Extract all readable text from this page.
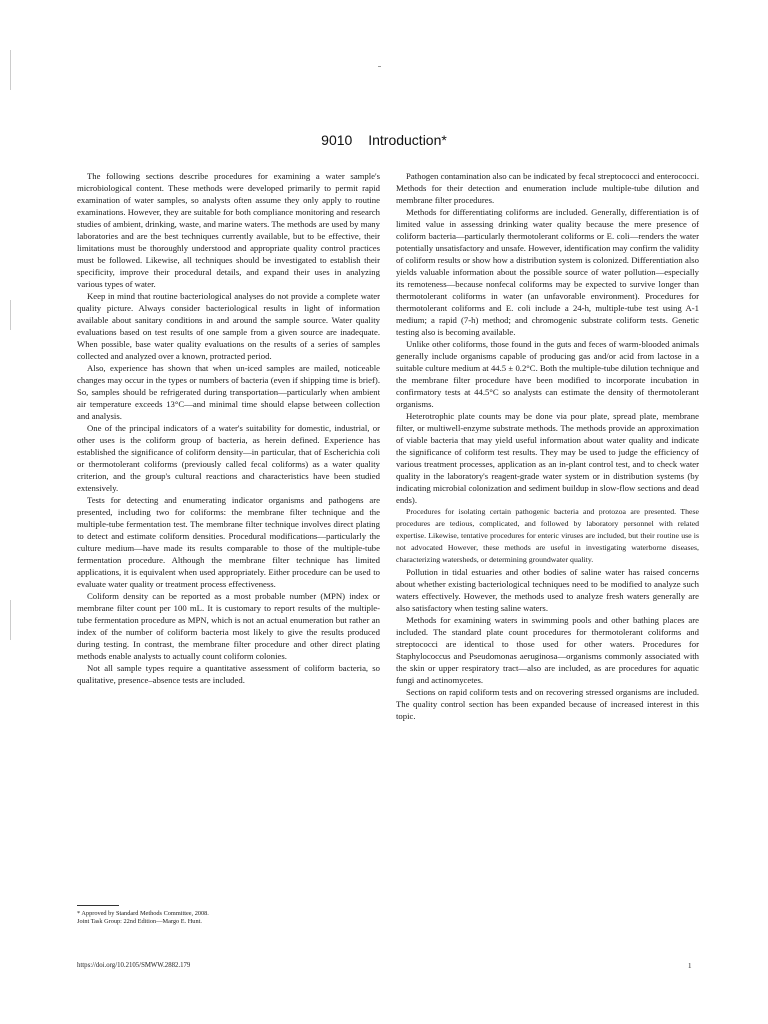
9010 Introduction*

The following sections describe procedures for examining a water sample's microbiological content. These methods were developed primarily to permit rapid examination of water samples, so analysts often assume they only apply to routine examinations. However, they are suitable for both compliance monitoring and research studies of ambient, drinking, waste, and marine waters. The methods are used by many laboratories and are the best techniques currently available, but to be effective, their limitations must be thoroughly understood and appropriate quality control practices must be followed. Likewise, all techniques should be investigated to establish their specificity, improve their procedural details, and expand their uses in analyzing various types of water.

Keep in mind that routine bacteriological analyses do not provide a complete water quality picture. Always consider bacteriological results in light of information available about sanitary conditions in and around the sample source. Water quality evaluations based on test results of one sample from a given source are inadequate. When possible, base water quality evaluations on the results of a series of samples collected and analyzed over a known, protracted period.

Also, experience has shown that when un-iced samples are mailed, noticeable changes may occur in the types or numbers of bacteria (even if shipping time is brief). So, samples should be refrigerated during transportation—particularly when ambient air temperature exceeds 13°C—and minimal time should elapse between collection and analysis.

One of the principal indicators of a water's suitability for domestic, industrial, or other uses is the coliform group of bacteria, as herein defined. Experience has established the significance of coliform density—in particular, that of Escherichia coli or thermotolerant coliforms (previously called fecal coliforms) as a water quality criterion, and the group's cultural reactions and characteristics have been studied extensively.

Tests for detecting and enumerating indicator organisms and pathogens are presented, including two for coliforms: the membrane filter technique and the multiple-tube fermentation test. The membrane filter technique involves direct plating to detect and estimate coliform densities. Procedural modifications—particularly the culture medium—have made its results comparable to those of the multiple-tube fermentation procedure. Although the membrane filter technique has limited applications, it is equivalent when used appropriately. Either procedure can be used to evaluate water quality or treatment process effectiveness.

Coliform density can be reported as a most probable number (MPN) index or membrane filter count per 100 mL. It is customary to report results of the multiple-tube fermentation procedure as MPN, which is not an actual enumeration but rather an index of the number of coliform bacteria most likely to give the results produced during testing. In contrast, the membrane filter procedure and other direct plating methods enable analysts to actually count coliform colonies.

Not all sample types require a quantitative assessment of coliform bacteria, so qualitative, presence–absence tests are included.

Pathogen contamination also can be indicated by fecal streptococci and enterococci. Methods for their detection and enumeration include multiple-tube dilution and membrane filter procedures.

Methods for differentiating coliforms are included. Generally, differentiation is of limited value in assessing drinking water quality because the mere presence of coliform bacteria—particularly thermotolerant coliforms or E. coli—renders the water potentially unsatisfactory and unsafe. However, identification may confirm the validity of coliform results or show how a distribution system is colonized. Differentiation also yields valuable information about the possible source of water pollution—especially its remoteness—because nonfecal coliforms may be expected to survive longer than thermotolerant coliforms in water (an unfavorable environment). Procedures for thermotolerant coliforms and E. coli include a 24-h, multiple-tube test using A-1 medium; a rapid (7-h) method; and chromogenic substrate coliform tests. Genetic testing also is becoming available.

Unlike other coliforms, those found in the guts and feces of warm-blooded animals generally include organisms capable of producing gas and/or acid from lactose in a suitable culture medium at 44.5 ± 0.2°C. Both the multiple-tube dilution technique and the membrane filter procedure have been modified to incorporate incubation in confirmatory tests at 44.5°C so analysts can estimate the density of thermotolerant organisms.

Heterotrophic plate counts may be done via pour plate, spread plate, membrane filter, or multiwell-enzyme substrate methods. The methods provide an approximation of viable bacteria that may yield useful information about water quality and indicate the significance of coliform test results. They may be used to judge the efficiency of various treatment processes, application as an in-plant control test, and to check water quality in the laboratory's reagent-grade water system or in distribution systems (by indicating microbial colonization and sediment buildup in slow-flow sections and dead ends).

Procedures for isolating certain pathogenic bacteria and protozoa are presented. These procedures are tedious, complicated, and followed by laboratory personnel with related expertise. Likewise, tentative procedures for enteric viruses are included, but their routine use is not advocated However, these methods are useful in investigating waterborne diseases, characterizing watersheds, or determining groundwater quality.

Pollution in tidal estuaries and other bodies of saline water has raised concerns about whether existing bacteriological techniques need to be modified to analyze such waters effectively. However, the methods used to analyze fresh waters generally are also satisfactory when testing saline waters.

Methods for examining waters in swimming pools and other bathing places are included. The standard plate count procedures for thermotolerant coliforms and streptococci are identical to those used for other waters. Procedures for Staphylococcus and Pseudomonas aeruginosa—organisms commonly associated with the skin or upper respiratory tract—also are included, as are procedures for aquatic fungi and actinomycetes.

Sections on rapid coliform tests and on recovering stressed organisms are included. The quality control section has been expanded because of increased interest in this topic.

* Approved by Standard Methods Committee, 2008.
Joint Task Group: 22nd Edition—Margo E. Hunt.
https://doi.org/10.2105/SMWW.2882.179	1
